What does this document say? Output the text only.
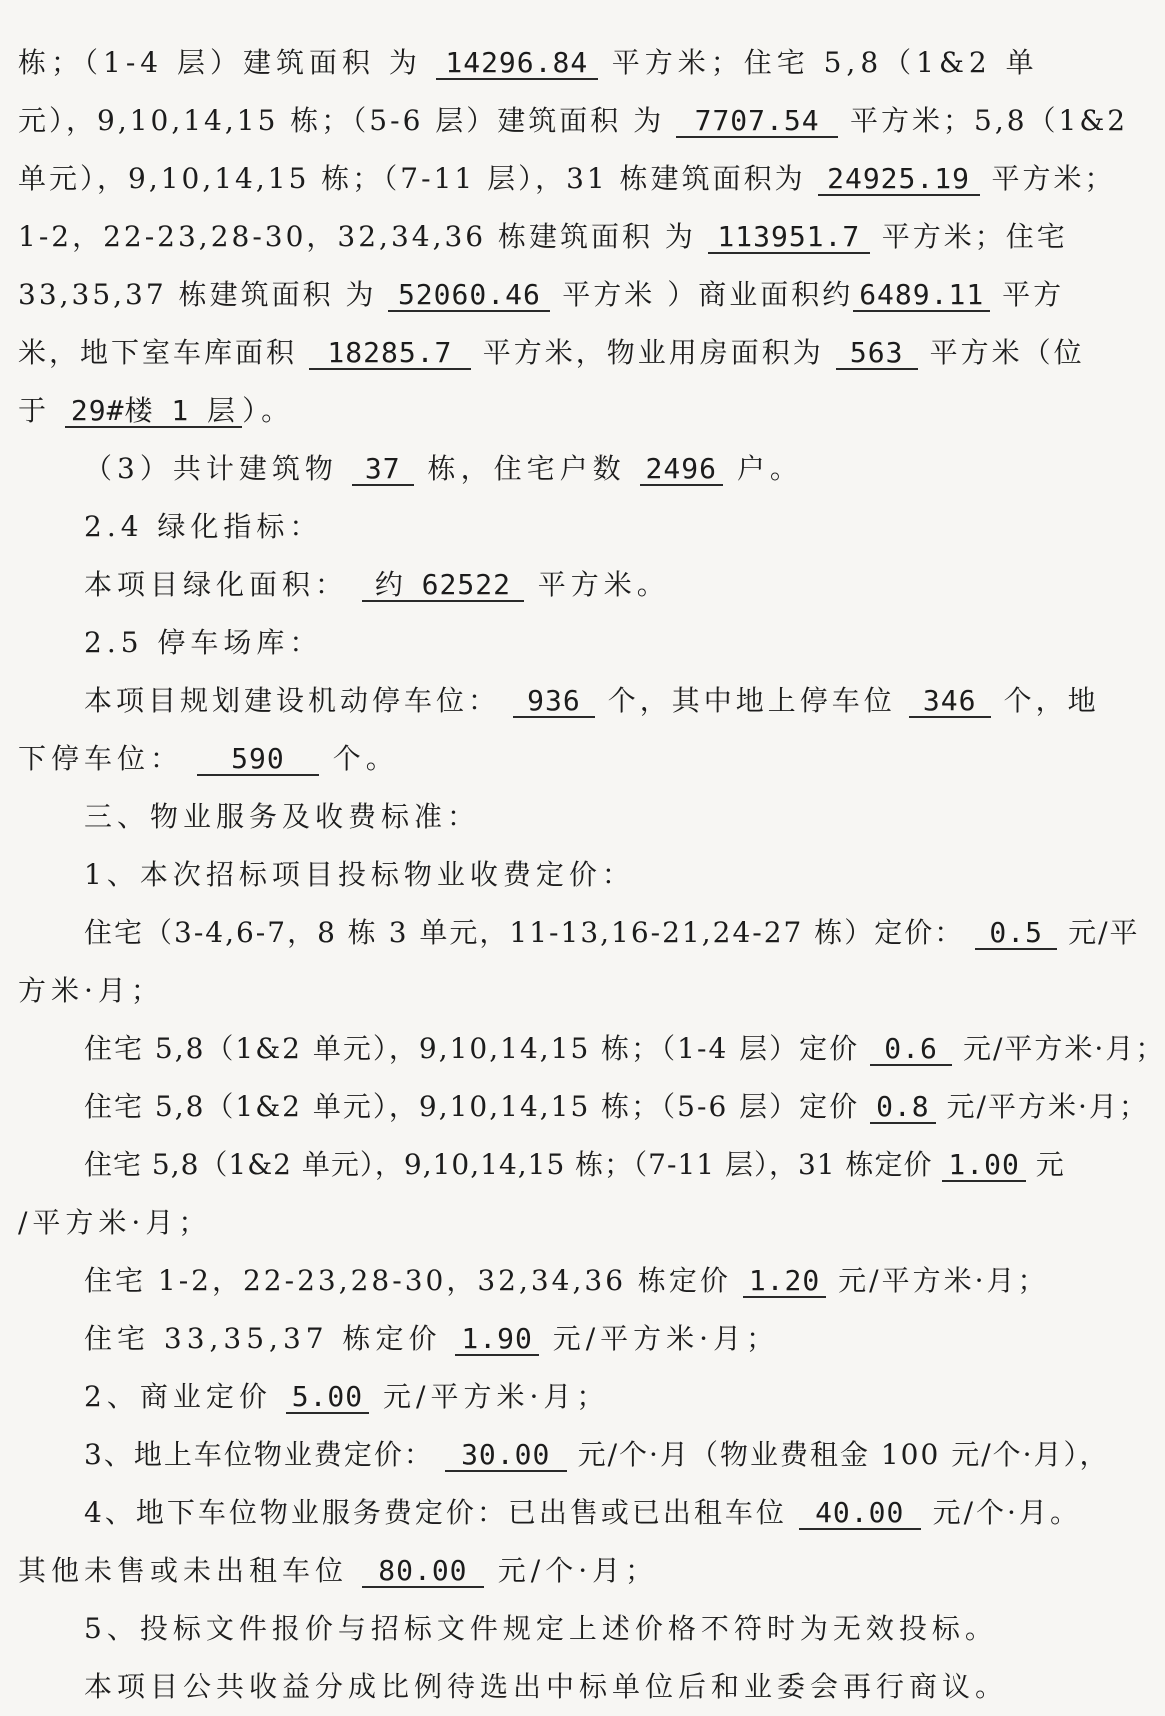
栋；（1-4 层）建筑面积 为 14296.84 平方米；住宅 5,8（1&2 单
元），9,10,14,15 栋；（5-6 层）建筑面积 为 7707.54 平方米；5,8（1&2
单元），9,10,14,15 栋；（7-11 层），31 栋建筑面积为 24925.19 平方米；
1-2，22-23,28-30，32,34,36 栋建筑面积 为 113951.7 平方米；住宅
33,35,37 栋建筑面积 为 52060.46 平方米 ）商业面积约 6489.11 平方
米，地下室车库面积 18285.7 平方米，物业用房面积为 563 平方米（位
于 29#楼 1 层 ）。
（3）共计建筑物 37 栋，住宅户数 2496 户。
2.4 绿化指标：
本项目绿化面积： 约 62522 平方米。
2.5 停车场库：
本项目规划建设机动停车位： 936 个，其中地上停车位 346 个，地
下停车位： 590 个。
三、物业服务及收费标准：
1、本次招标项目投标物业收费定价：
住宅（3-4,6-7，8 栋 3 单元，11-13,16-21,24-27 栋）定价： 0.5 元/平
方米·月；
住宅 5,8（1&2 单元），9,10,14,15 栋；（1-4 层）定价 0.6 元/平方米·月；
住宅 5,8（1&2 单元），9,10,14,15 栋；（5-6 层）定价 0.8 元/平方米·月；
住宅 5,8（1&2 单元），9,10,14,15 栋；（7-11 层），31 栋定价 1.00 元
/平方米·月；
住宅 1-2，22-23,28-30，32,34,36 栋定价 1.20 元/平方米·月；
住宅 33,35,37 栋定价 1.90 元/平方米·月；
2、商业定价 5.00 元/平方米·月；
3、地上车位物业费定价： 30.00 元/个·月（物业费租金 100 元/个·月），
4、地下车位物业服务费定价：已出售或已出租车位 40.00 元/个·月。
其他未售或未出租车位 80.00 元/个·月；
5、投标文件报价与招标文件规定上述价格不符时为无效投标。
本项目公共收益分成比例待选出中标单位后和业委会再行商议。
